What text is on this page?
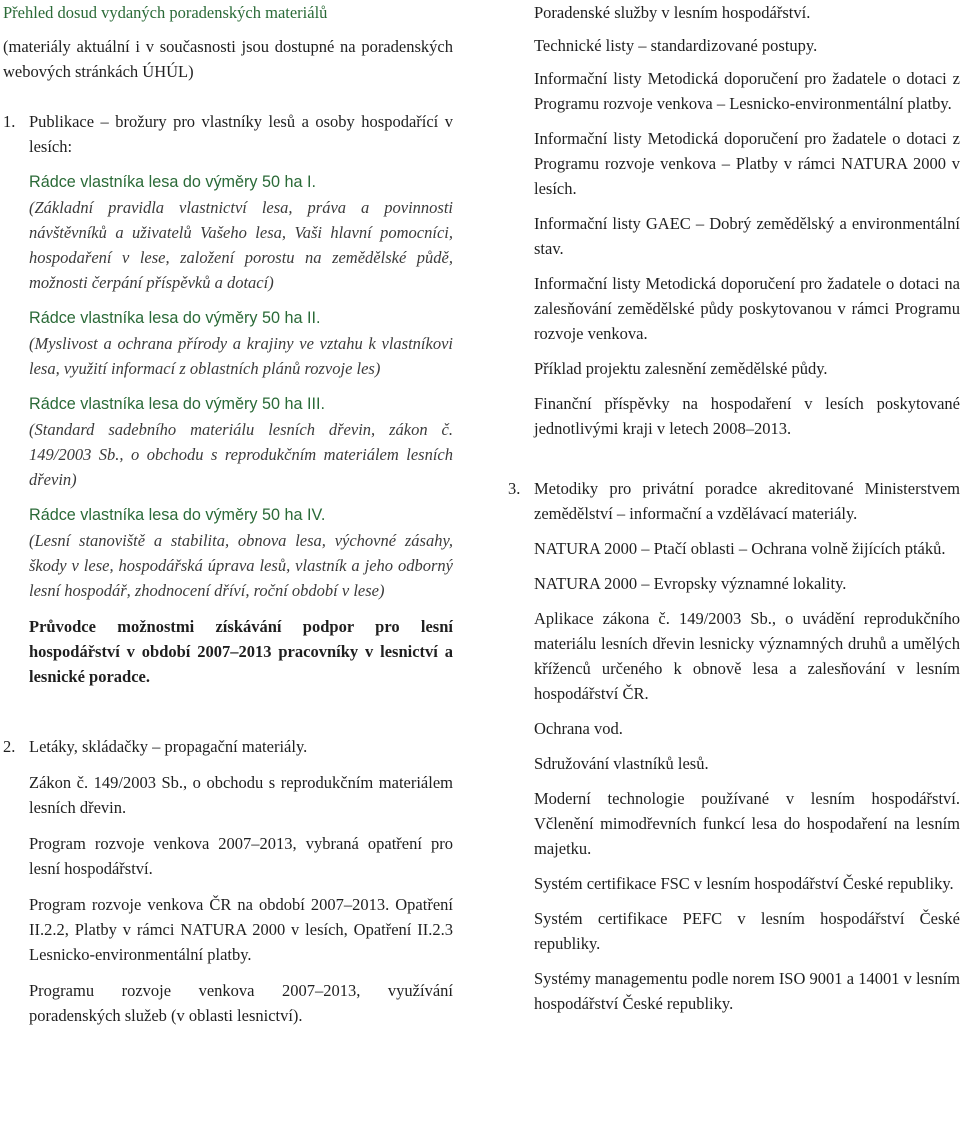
Přehled dosud vydaných poradenských materiálů

(materiály aktuální i v současnosti jsou dostupné na poradenských webových stránkách ÚHÚL)

1. Publikace – brožury pro vlastníky lesů a osoby hospodařící v lesích:

Rádce vlastníka lesa do výměry 50 ha I.
(Základní pravidla vlastnictví lesa, práva a povinnosti návštěvníků a uživatelů Vašeho lesa, Vaši hlavní pomocníci, hospodaření v lese, založení porostu na zemědělské půdě, možnosti čerpání příspěvků a dotací)
Rádce vlastníka lesa do výměry 50 ha II.
(Myslivost a ochrana přírody a krajiny ve vztahu k vlastníkovi lesa, využití informací z oblastních plánů rozvoje les)
Rádce vlastníka lesa do výměry 50 ha III.
(Standard sadebního materiálu lesních dřevin, zákon č. 149/2003 Sb., o obchodu s reprodukčním materiálem lesních dřevin)
Rádce vlastníka lesa do výměry 50 ha IV.
(Lesní stanoviště a stabilita, obnova lesa, výchovné zásahy, škody v lese, hospodářská úprava lesů, vlastník a jeho odborný lesní hospodář, zhodnocení dříví, roční období v lese)

Průvodce možnostmi získávání podpor pro lesní hospodářství v období 2007–2013 pracovníky v lesnictví a lesnické poradce.

2. Letáky, skládačky – propagační materiály.

Zákon č. 149/2003 Sb., o obchodu s reprodukčním materiálem lesních dřevin.

Program rozvoje venkova 2007–2013, vybraná opatření pro lesní hospodářství.

Program rozvoje venkova ČR na období 2007–2013. Opatření II.2.2, Platby v rámci NATURA 2000 v lesích, Opatření II.2.3 Lesnicko-environmentální platby.

Programu rozvoje venkova 2007–2013, využívání poradenských služeb (v oblasti lesnictví).

Poradenské služby v lesním hospodářství.

Technické listy – standardizované postupy.

Informační listy Metodická doporučení pro žadatele o dotaci z Programu rozvoje venkova – Lesnicko-environmentální platby.

Informační listy Metodická doporučení pro žadatele o dotaci z Programu rozvoje venkova – Platby v rámci NATURA 2000 v lesích.

Informační listy GAEC – Dobrý zemědělský a environmentální stav.

Informační listy Metodická doporučení pro žadatele o dotaci na zalesňování zemědělské půdy poskytovanou v rámci Programu rozvoje venkova.

Příklad projektu zalesnění zemědělské půdy.

Finanční příspěvky na hospodaření v lesích poskytované jednotlivými kraji v letech 2008–2013.

3. Metodiky pro privátní poradce akreditované Ministerstvem zemědělství – informační a vzdělávací materiály.

NATURA 2000 – Ptačí oblasti – Ochrana volně žijících ptáků.

NATURA 2000 – Evropsky významné lokality.

Aplikace zákona č. 149/2003 Sb., o uvádění reprodukčního materiálu lesních dřevin lesnicky významných druhů a umělých kříženců určeného k obnově lesa a zalesňování v lesním hospodářství ČR.

Ochrana vod.

Sdružování vlastníků lesů.

Moderní technologie používané v lesním hospodářství. Včlenění mimodřevních funkcí lesa do hospodaření na lesním majetku.

Systém certifikace FSC v lesním hospodářství České republiky.

Systém certifikace PEFC v lesním hospodářství České republiky.

Systémy managementu podle norem ISO 9001 a 14001 v lesním hospodářství České republiky.
